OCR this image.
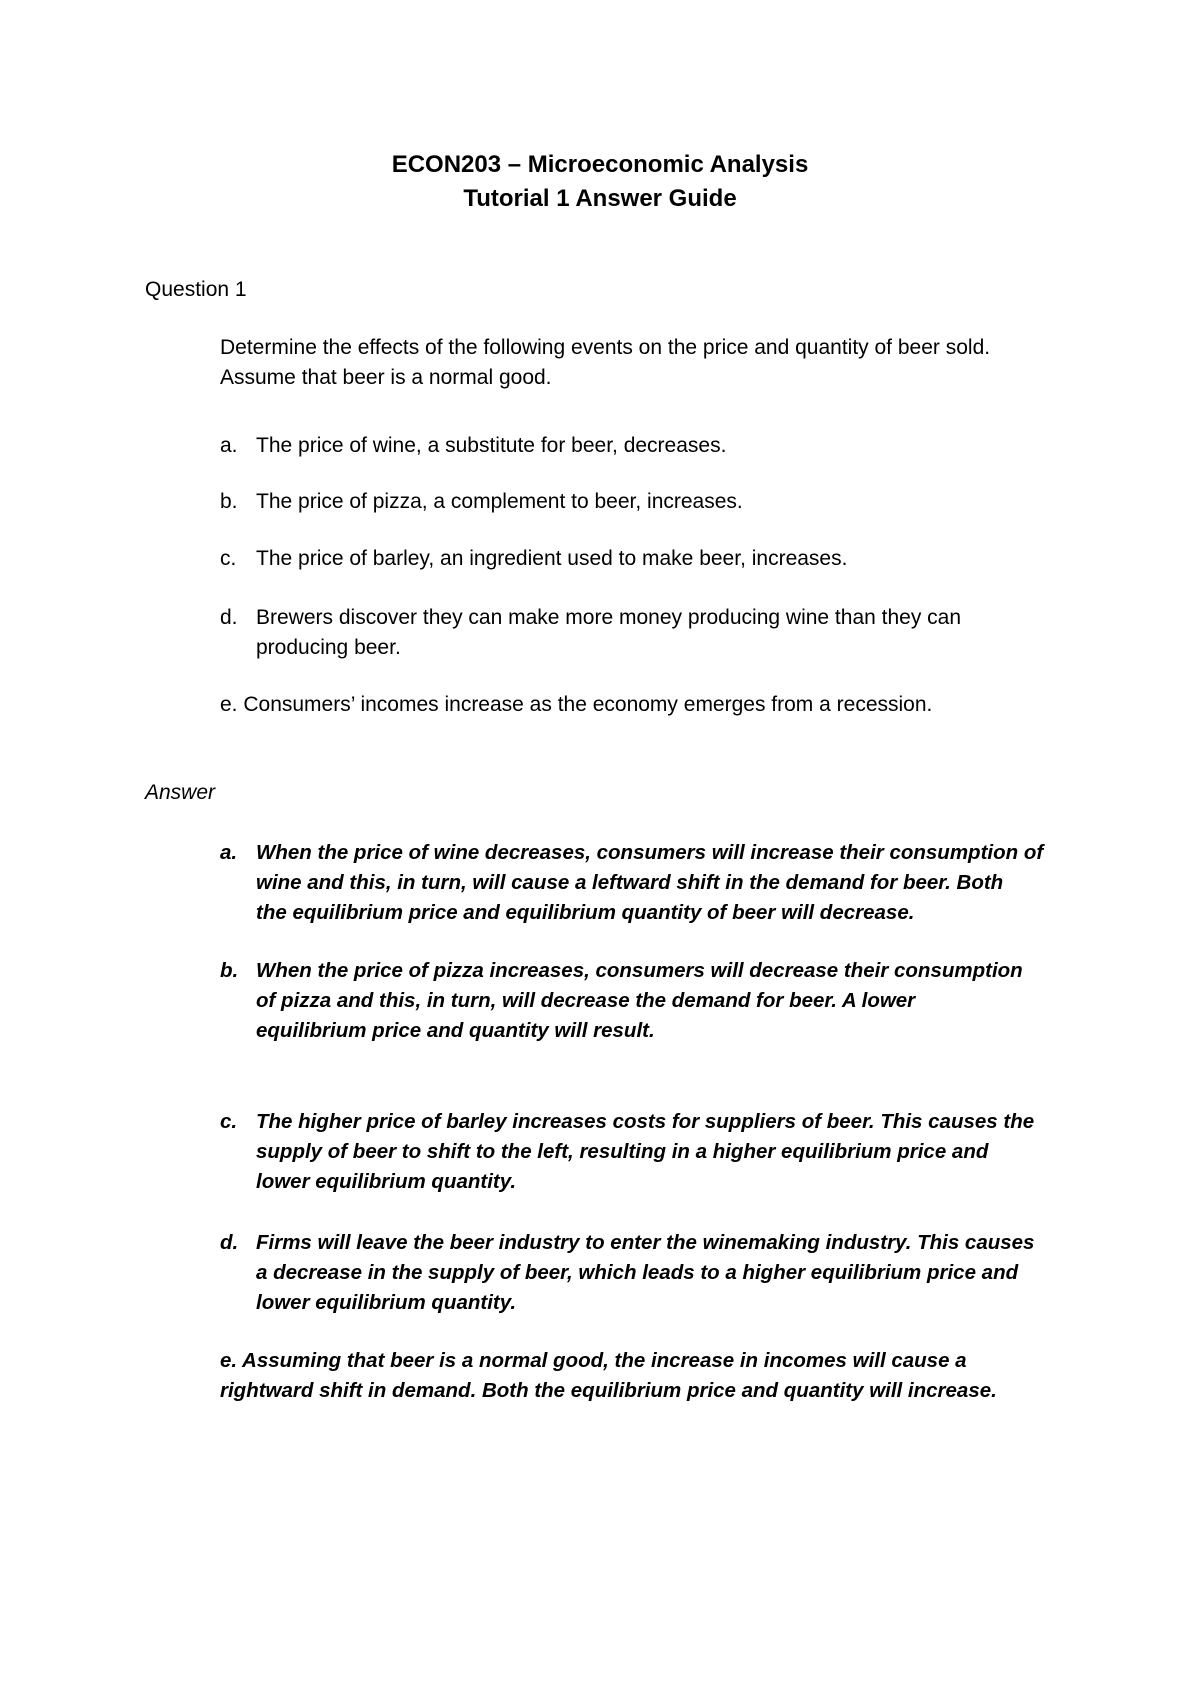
ECON203 – Microeconomic Analysis
Tutorial 1 Answer Guide
Question 1
Determine the effects of the following events on the price and quantity of beer sold.
Assume that beer is a normal good.
a. The price of wine, a substitute for beer, decreases.
b. The price of pizza, a complement to beer, increases.
c. The price of barley, an ingredient used to make beer, increases.
d. Brewers discover they can make more money producing wine than they can
producing beer.
e. Consumers’ incomes increase as the economy emerges from a recession.
Answer
a. When the price of wine decreases, consumers will increase their consumption of
wine and this, in turn, will cause a leftward shift in the demand for beer. Both
the equilibrium price and equilibrium quantity of beer will decrease.
b. When the price of pizza increases, consumers will decrease their consumption
of pizza and this, in turn, will decrease the demand for beer. A lower
equilibrium price and quantity will result.
c. The higher price of barley increases costs for suppliers of beer. This causes the
supply of beer to shift to the left, resulting in a higher equilibrium price and
lower equilibrium quantity.
d. Firms will leave the beer industry to enter the winemaking industry. This causes
a decrease in the supply of beer, which leads to a higher equilibrium price and
lower equilibrium quantity.
e. Assuming that beer is a normal good, the increase in incomes will cause a
rightward shift in demand. Both the equilibrium price and quantity will increase.
